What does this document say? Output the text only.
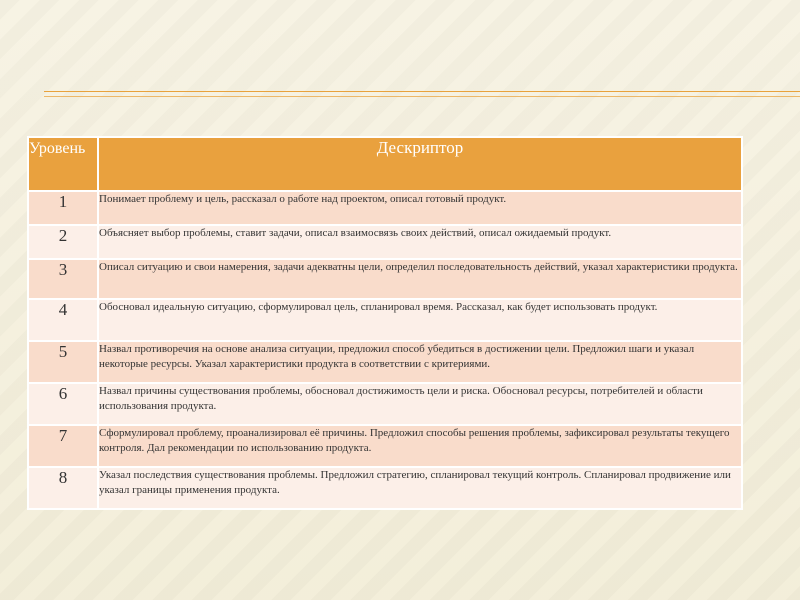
Уровень	Дескриптор
1	Понимает проблему и цель, рассказал о работе над проектом, описал готовый продукт.
2	Объясняет выбор проблемы, ставит задачи, описал взаимосвязь своих действий, описал ожидаемый продукт.
3	Описал ситуацию и свои намерения, задачи адекватны цели, определил последовательность действий, указал характеристики продукта.
4	Обосновал идеальную ситуацию, сформулировал цель, спланировал время. Рассказал, как будет использовать продукт.
5	Назвал противоречия на основе анализа ситуации, предложил способ убедиться в достижении цели. Предложил шаги и указал некоторые ресурсы. Указал характеристики продукта в соответствии с критериями.
6	Назвал причины существования проблемы, обосновал достижимость цели и риска. Обосновал ресурсы, потребителей и области использования продукта.
7	Сформулировал проблему, проанализировал её причины. Предложил способы решения проблемы, зафиксировал результаты текущего контроля. Дал рекомендации по использованию продукта.
8	Указал последствия существования проблемы. Предложил стратегию, спланировал текущий контроль. Спланировал продвижение или указал границы применения продукта.
